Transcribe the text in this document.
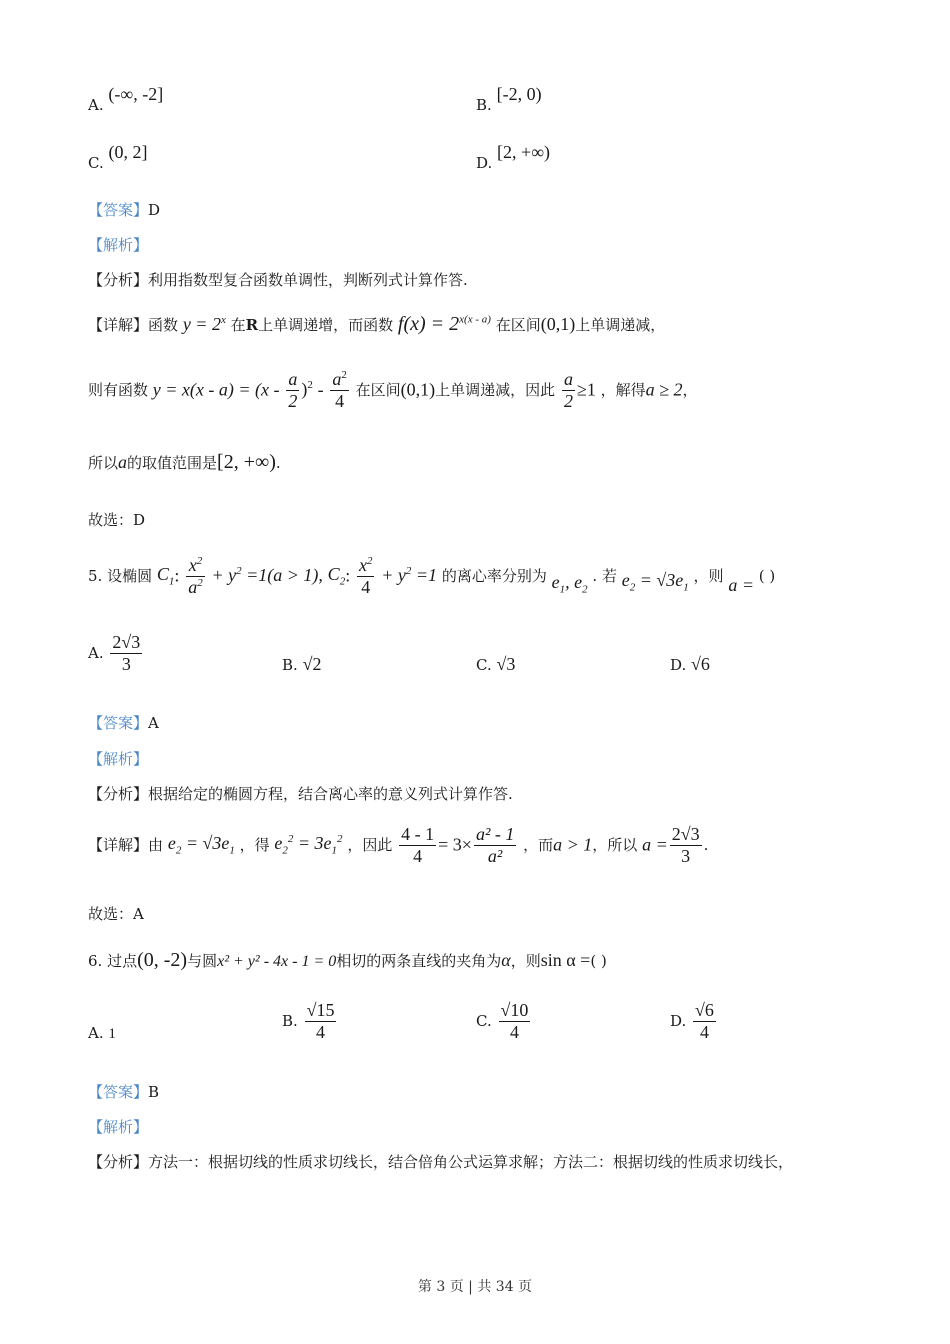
A. (-∞, -2]
B. [-2, 0)
C. (0, 2]
D. [2, +∞)
【答案】D
【解析】
【分析】利用指数型复合函数单调性，判断列式计算作答.
【详解】函数 $y = 2^x$ 在R上单调递增，而函数 $f(x) = 2^{x(x - a)}$ 在区间(0,1)上单调递减，
则有函数 $y = x(x - a) = (x - \frac{a}{2} )^2 - \frac{a^2}{4}$ 在区间(0,1)上单调递减，因此 $\frac{a}{2} \ge 1$ ，解得a ≥ 2，
所以a的取值范围是[2, +∞).
故选：D
5. 设椭圆 $C_1$: $\frac{x^2}{a^2} + y^2 =1(a > 1)$, $C_2$: $\frac{x^2}{4} + y^2 =1$ 的离心率分别为 $e_1$, $e_2$ . 若 $e_2 = √3e_1$ ，则 a = ( )
A. $\frac{2√3}{3}$	B. √2	C. √3	D. √6
【答案】A
【解析】
【分析】根据给定的椭圆方程，结合离心率的意义列式计算作答.
【详解】由 $e_2 = √3e_1$ ，得 $e_2^2 = 3e_1^2$ ，因此 $\frac{4 - 1}{4} = 3\times \frac{\text{a² - 1}}{\text{a²}}$ ，而a > 1，所以 $a = \frac{2√3}{3}$ .
故选：A
6. 过点(0, -2)与圆x² + y² - 4x - 1 = 0相切的两条直线的夹角为α，则sin α =( )
A. 1
B. $\frac{√15}{4}$	C. $\frac{√10}{4}$	D. $\frac{√6}{4}$
【答案】B
【解析】
【分析】方法一：根据切线的性质求切线长，结合倍角公式运算求解；方法二：根据切线的性质求切线长，
第 3 页 | 共 34 页
